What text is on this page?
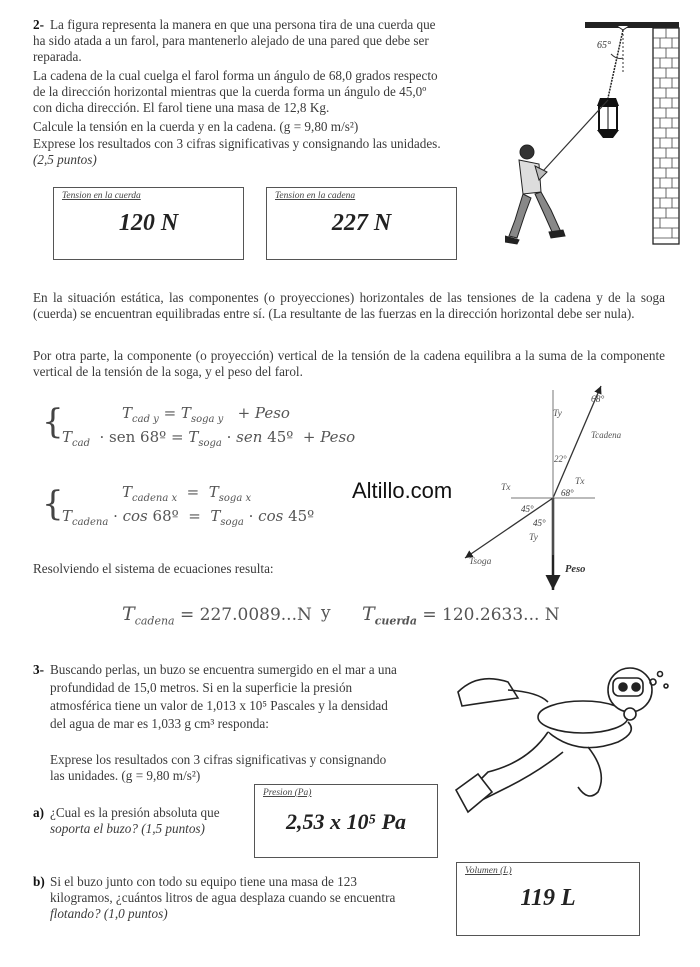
2- La figura representa la manera en que una persona tira de una cuerda que
ha sido atada a un farol, para mantenerlo alejado de una pared que debe ser
reparada.
La cadena de la cual cuelga el farol forma un ángulo de 68,0 grados respecto
de la dirección horizontal mientras que la cuerda forma un ángulo de 45,0º
con dicha dirección. El farol tiene una masa de 12,8 Kg.
Calcule la tensión en la cuerda y en la cadena. (g = 9,80 m/s²)
Exprese los resultados con 3 cifras significativas y consignando las unidades.
(2,5 puntos)
65°
Tension en la cuerda
120 N
Tension en la cadena
227 N
En la situación estática, las componentes (o proyecciones) horizontales de las tensiones de la cadena y de la soga (cuerda) se encuentran equilibradas entre sí. (La resultante de las fuerzas en la dirección horizontal debe ser nula).
Por otra parte, la componente (o proyección) vertical de la tensión de la cadena equilibra a la suma de la componente vertical de la tensión de la soga, y el peso del farol.
{	$T_{cad y} = T_{soga y}$   + Peso
$T_{cad}$  · sen 68º = $T_{soga}$ · sen 45º  + Peso
Altillo.com
{	$T_{cadena x} = T_{soga x}$
$T_{cadena} \cdot \cos$ 68º  =  $T_{soga} \cdot \cos$ 45º
Resolviendo el sistema de ecuaciones resulta:
$T_{cadena} = 227.0089...N$ y $T_{cuerda} = 120.2633$... N
68°
Ty
Tcadena
22°
Tx
Tx
68°
45°
45°
Ty
Tsoga
Peso
3- Buscando perlas, un buzo se encuentra sumergido en el mar a una
profundidad de 15,0 metros. Si en la superficie la presión
atmosférica tiene un valor de 1,013 x 10⁵ Pascales y la densidad
del agua de mar es 1,033 g cm³ responda:
Exprese los resultados con 3 cifras significativas y consignando
las unidades. (g = 9,80 m/s²)
a) ¿Cual es la presión absoluta que
soporta el buzo? (1,5 puntos)
Presion (Pa)
2,53 x 10⁵ Pa
b) Si el buzo junto con todo su equipo tiene una masa de 123
kilogramos, ¿cuántos litros de agua desplaza cuando se encuentra
flotando? (1,0 puntos)
Volumen (L)
119 L
